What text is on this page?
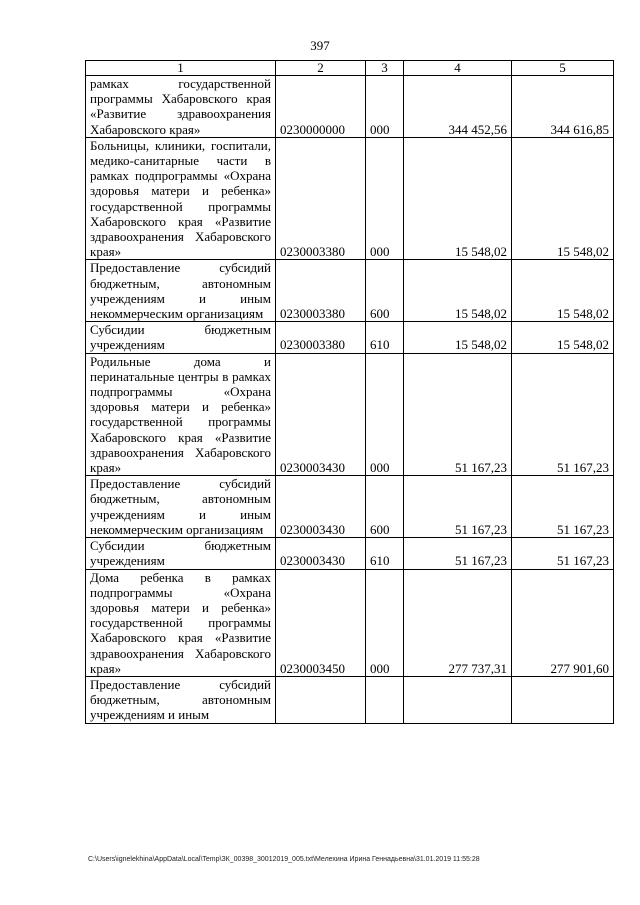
397
1	2	3	4	5
рамках государственной программы Хабаровского края «Развитие здравоохранения Хабаровского края»	0230000000	000	344 452,56	344 616,85
Больницы, клиники, госпитали, медико-санитарные части в рамках подпрограммы «Охрана здоровья матери и ребенка» государственной программы Хабаровского края «Развитие здравоохранения Хабаровского края»	0230003380	000	15 548,02	15 548,02
Предоставление субсидий бюджетным, автономным учреждениям и иным некоммерческим организациям	0230003380	600	15 548,02	15 548,02
Субсидии бюджетным учреждениям	0230003380	610	15 548,02	15 548,02
Родильные дома и перинатальные центры в рамках подпрограммы «Охрана здоровья матери и ребенка» государственной программы Хабаровского края «Развитие здравоохранения Хабаровского края»	0230003430	000	51 167,23	51 167,23
Предоставление субсидий бюджетным, автономным учреждениям и иным некоммерческим организациям	0230003430	600	51 167,23	51 167,23
Субсидии бюджетным учреждениям	0230003430	610	51 167,23	51 167,23
Дома ребенка в рамках подпрограммы «Охрана здоровья матери и ребенка» государственной программы Хабаровского края «Развитие здравоохранения Хабаровского края»	0230003450	000	277 737,31	277 901,60
Предоставление субсидий бюджетным, автономным учреждениям и иным				
C:\Users\ignelekhina\AppData\Local\Temp\ЗК_00398_30012019_005.txt\Мелехина Ирина Геннадьевна\31.01.2019 11:55:28
